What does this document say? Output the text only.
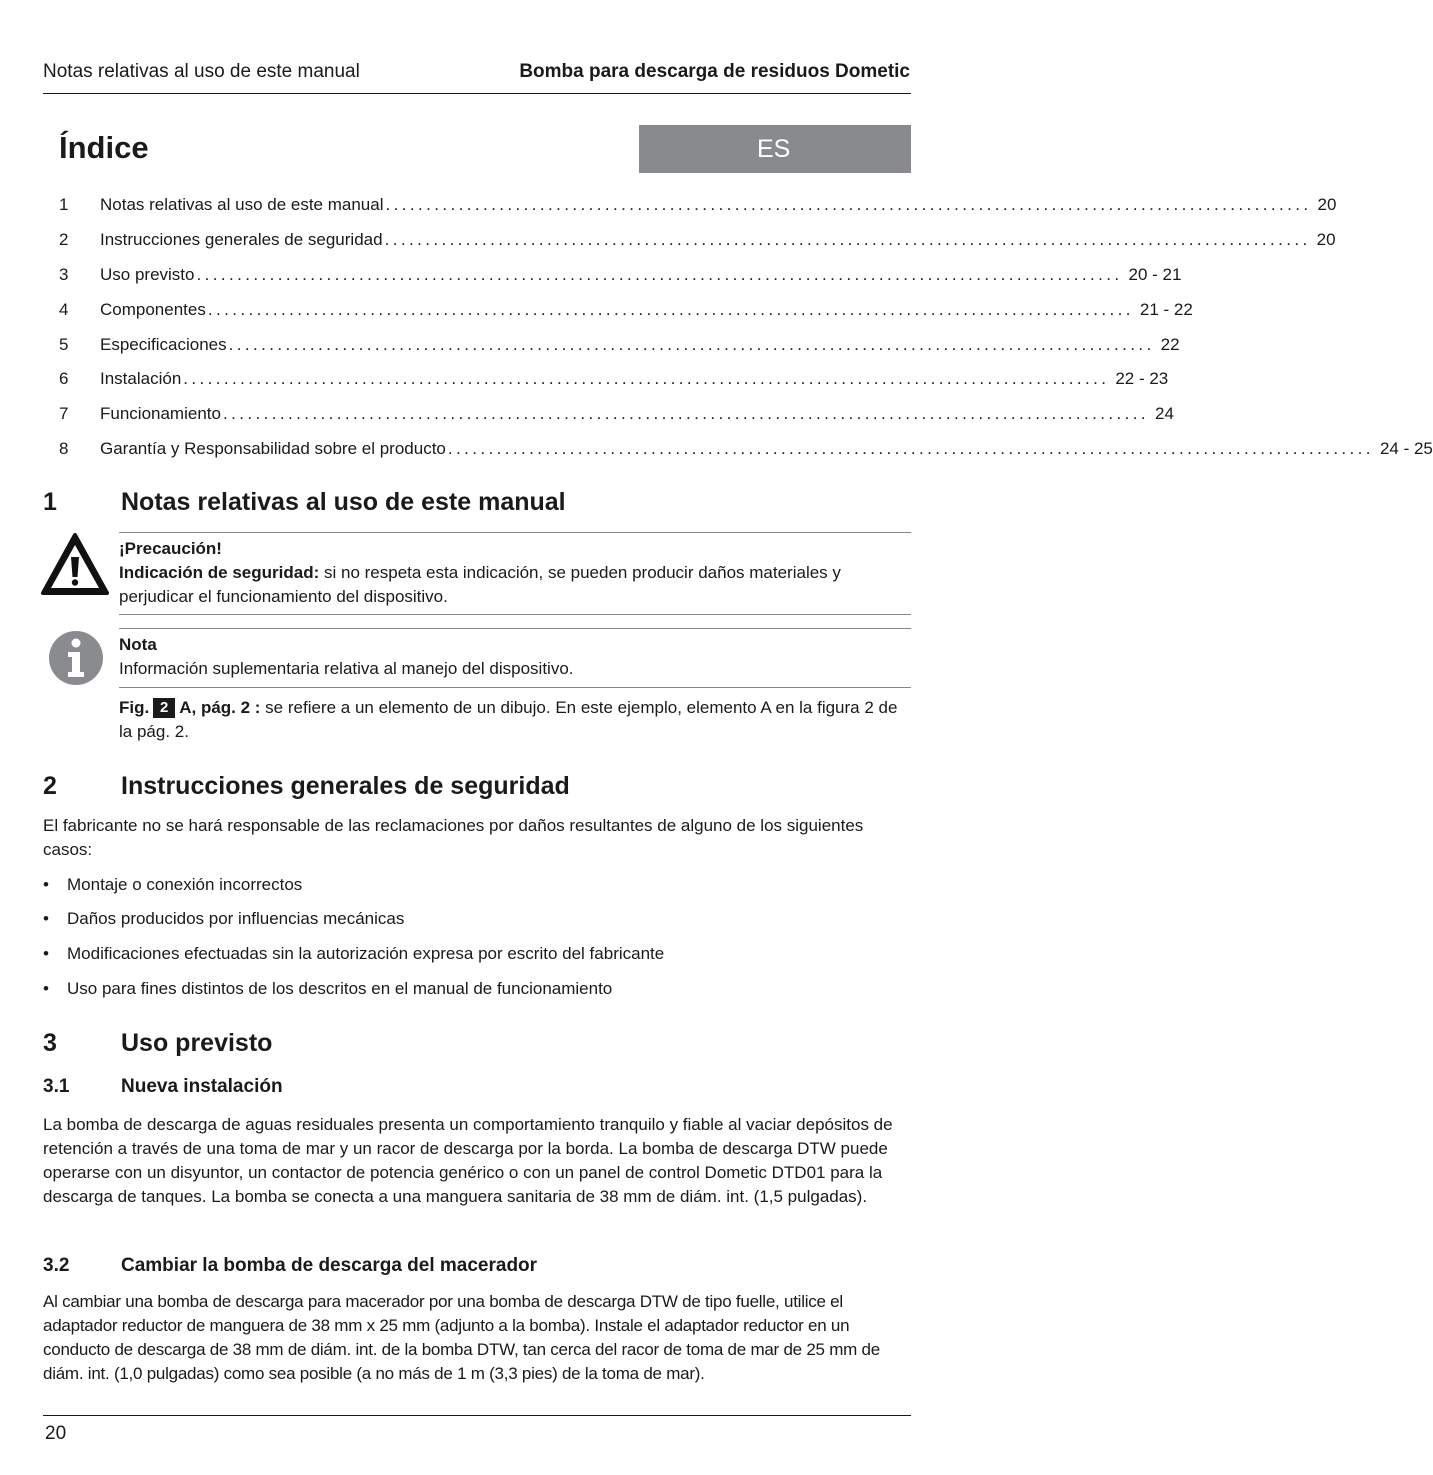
Notas relativas al uso de este manual	Bomba para descarga de residuos Dometic
Índice	ES
1	Notas relativas al uso de este manual .................................................................................................................. 20
2	Instrucciones generales de seguridad .................................................................................................................. 20
3	Uso previsto .................................................................................................................. 20 - 21
4	Componentes .................................................................................................................. 21 - 22
5	Especificaciones .................................................................................................................. 22
6	Instalación .................................................................................................................. 22 - 23
7	Funcionamiento .................................................................................................................. 24
8	Garantía y Responsabilidad sobre el producto .................................................................................................................. 24 - 25
1	Notas relativas al uso de este manual
¡Precaución!
Indicación de seguridad: si no respeta esta indicación, se pueden producir daños materiales y perjudicar el funcionamiento del dispositivo.
Nota
Información suplementaria relativa al manejo del dispositivo.
Fig. 2 A, pág. 2 : se refiere a un elemento de un dibujo. En este ejemplo, elemento A en la figura 2 de la pág. 2.
2	Instrucciones generales de seguridad
El fabricante no se hará responsable de las reclamaciones por daños resultantes de alguno de los siguientes casos:
• Montaje o conexión incorrectos
• Daños producidos por influencias mecánicas
• Modificaciones efectuadas sin la autorización expresa por escrito del fabricante
• Uso para fines distintos de los descritos en el manual de funcionamiento
3	Uso previsto
3.1	Nueva instalación
La bomba de descarga de aguas residuales presenta un comportamiento tranquilo y fiable al vaciar depósitos de retención a través de una toma de mar y un racor de descarga por la borda. La bomba de descarga DTW puede operarse con un disyuntor, un contactor de potencia genérico o con un panel de control Dometic DTD01 para la descarga de tanques. La bomba se conecta a una manguera sanitaria de 38 mm de diám. int. (1,5 pulgadas).
3.2	Cambiar la bomba de descarga del macerador
Al cambiar una bomba de descarga para macerador por una bomba de descarga DTW de tipo fuelle, utilice el adaptador reductor de manguera de 38 mm x 25 mm (adjunto a la bomba). Instale el adaptador reductor en un conducto de descarga de 38 mm de diám. int. de la bomba DTW, tan cerca del racor de toma de mar de 25 mm de diám. int. (1,0 pulgadas) como sea posible (a no más de 1 m (3,3 pies) de la toma de mar).
20
